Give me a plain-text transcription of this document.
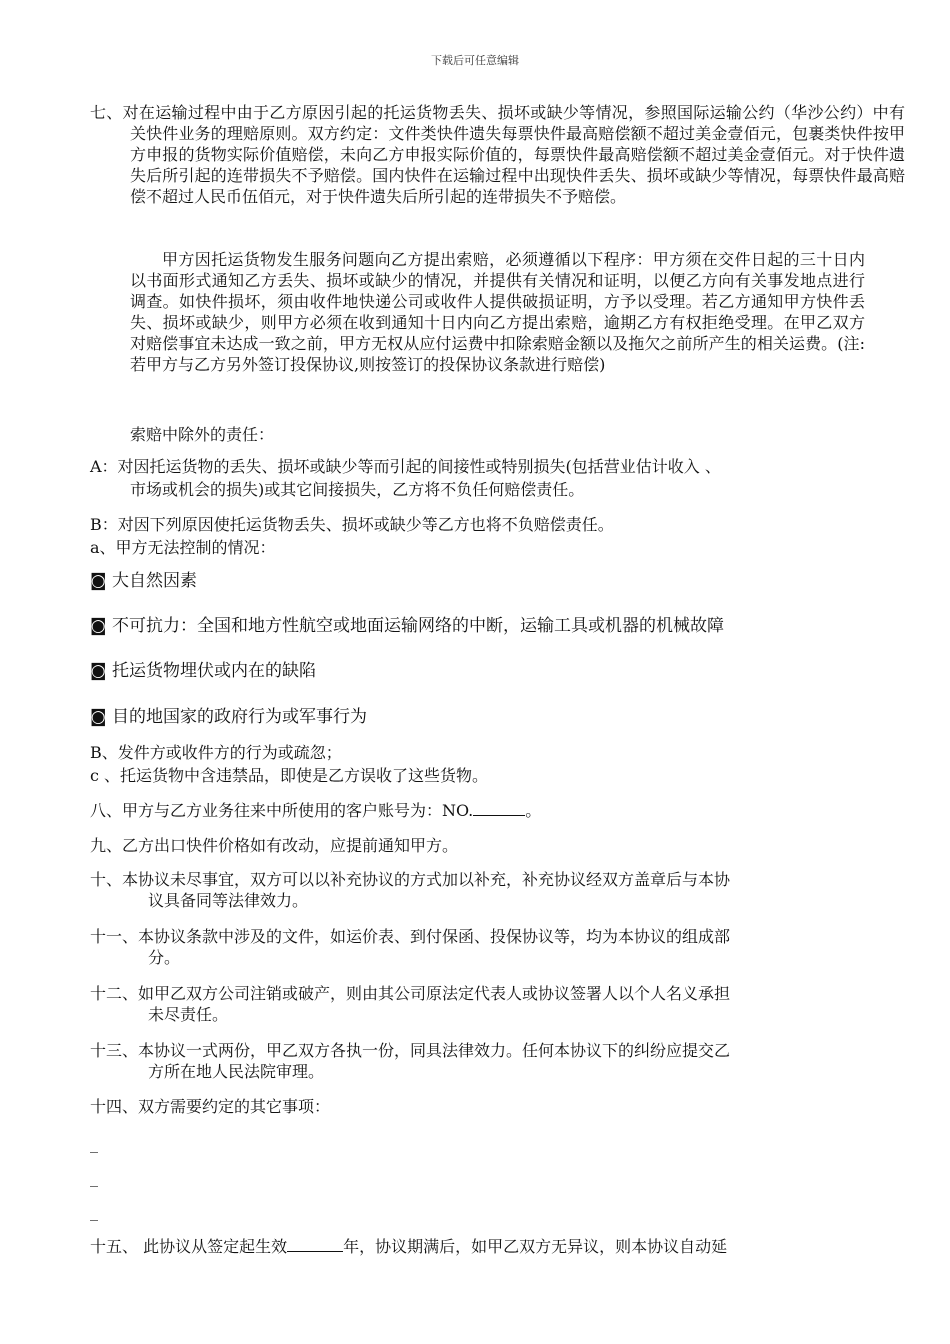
下载后可任意编辑
七、对在运输过程中由于乙方原因引起的托运货物丢失、损坏或缺少等情况，参照国际运输公约（华沙公约）中有关快件业务的理赔原则。双方约定：文件类快件遗失每票快件最高赔偿额不超过美金壹佰元，包裹类快件按甲方申报的货物实际价值赔偿，未向乙方申报实际价值的，每票快件最高赔偿额不超过美金壹佰元。对于快件遗失后所引起的连带损失不予赔偿。国内快件在运输过程中出现快件丢失、损坏或缺少等情况，每票快件最高赔偿不超过人民币伍佰元，对于快件遗失后所引起的连带损失不予赔偿。
甲方因托运货物发生服务问题向乙方提出索赔，必须遵循以下程序：甲方须在交件日起的三十日内以书面形式通知乙方丢失、损坏或缺少的情况，并提供有关情况和证明，以便乙方向有关事发地点进行调查。如快件损坏，须由收件地快递公司或收件人提供破损证明，方予以受理。若乙方通知甲方快件丢失、损坏或缺少，则甲方必须在收到通知十日内向乙方提出索赔，逾期乙方有权拒绝受理。在甲乙双方对赔偿事宜未达成一致之前，甲方无权从应付运费中扣除索赔金额以及拖欠之前所产生的相关运费。(注:若甲方与乙方另外签订投保协议,则按签订的投保协议条款进行赔偿)
索赔中除外的责任：
A：对因托运货物的丢失、损坏或缺少等而引起的间接性或特别损失(包括营业估计收入 、
市场或机会的损失)或其它间接损失，乙方将不负任何赔偿责任。
B：对因下列原因使托运货物丢失、损坏或缺少等乙方也将不负赔偿责任。
a、甲方无法控制的情况：
◙ 大自然因素
◙ 不可抗力：全国和地方性航空或地面运输网络的中断，运输工具或机器的机械故障
◙ 托运货物埋伏或内在的缺陷
◙ 目的地国家的政府行为或军事行为
B、发件方或收件方的行为或疏忽；
c 、托运货物中含违禁品，即使是乙方误收了这些货物。
八、甲方与乙方业务往来中所使用的客户账号为：NO.	。
九、乙方出口快件价格如有改动，应提前通知甲方。
十、本协议未尽事宜，双方可以以补充协议的方式加以补充，补充协议经双方盖章后与本协
议具备同等法律效力。
十一、本协议条款中涉及的文件，如运价表、到付保函、投保协议等，均为本协议的组成部
分。
十二、如甲乙双方公司注销或破产，则由其公司原法定代表人或协议签署人以个人名义承担
未尽责任。
十三、本协议一式两份，甲乙双方各执一份，同具法律效力。任何本协议下的纠纷应提交乙
方所在地人民法院审理。
十四、双方需要约定的其它事项：
_
_
_
十五、 此协议从签定起生效	年，协议期满后，如甲乙双方无异议，则本协议自动延
